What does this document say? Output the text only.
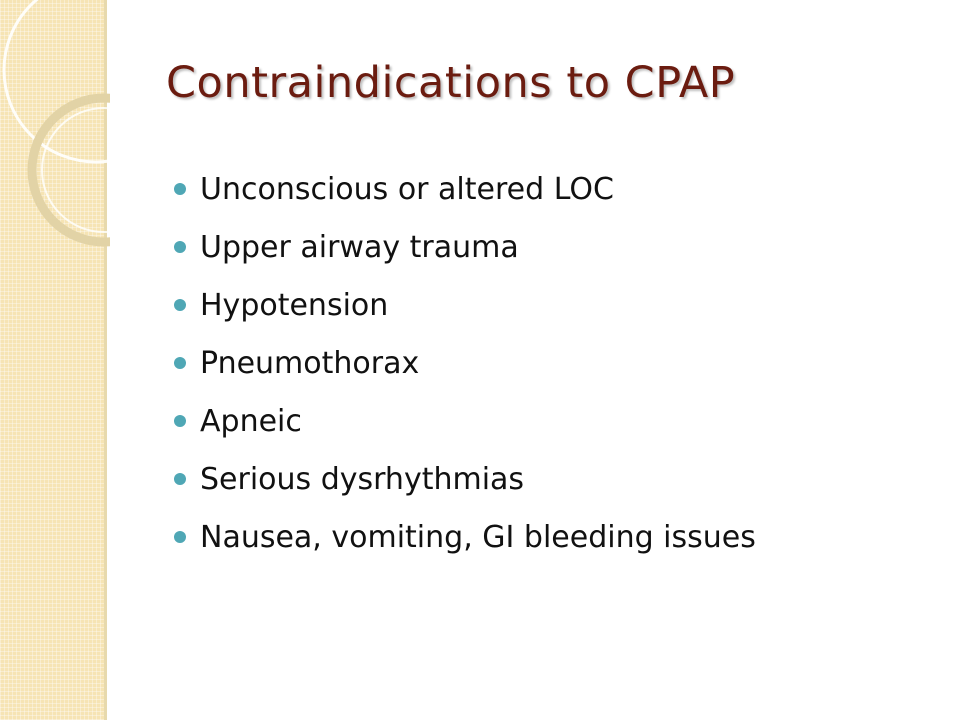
Contraindications to CPAP
Unconscious or altered LOC
Upper airway trauma
Hypotension
Pneumothorax
Apneic
Serious dysrhythmias
Nausea, vomiting, GI bleeding issues
